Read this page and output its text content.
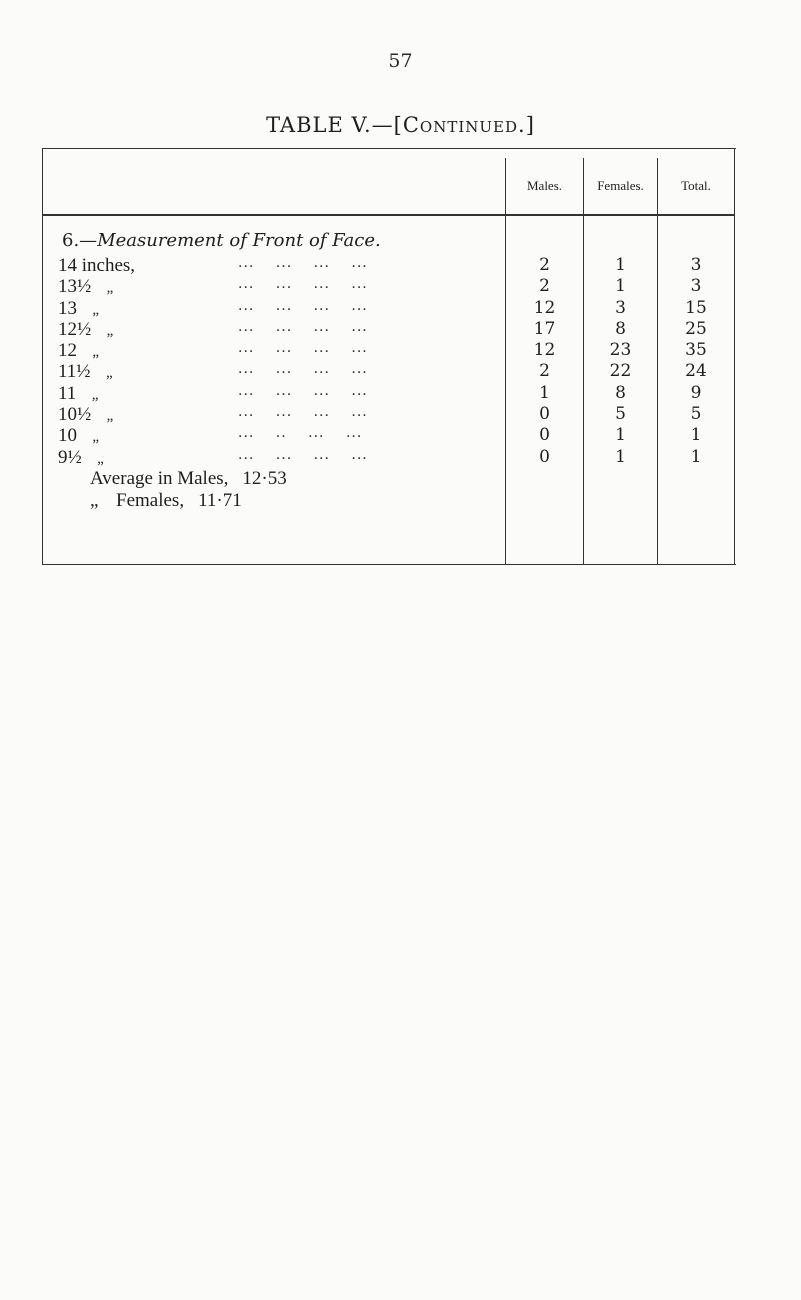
57
TABLE V.—[Continued.]
Males.	Females.	Total.
6.—Measurement of Front of Face.
14 inches,	... ... ... ...	2	1	3
13½ „	... ... ... ...	2	1	3
13 „	... ... ... ...	12	3	15
12½ „	... ... ... ...	17	8	25
12 „	... ... ... ...	12	23	35
11½ „	... ... ... ...	2	22	24
11 „	... ... ... ...	1	8	9
10½ „	... ... ... ...	0	5	5
10 „	... .. ... ...	0	1	1
9½ „	... ... ... ...	0	1	1
Average in Males, 12·53
„ Females, 11·71
